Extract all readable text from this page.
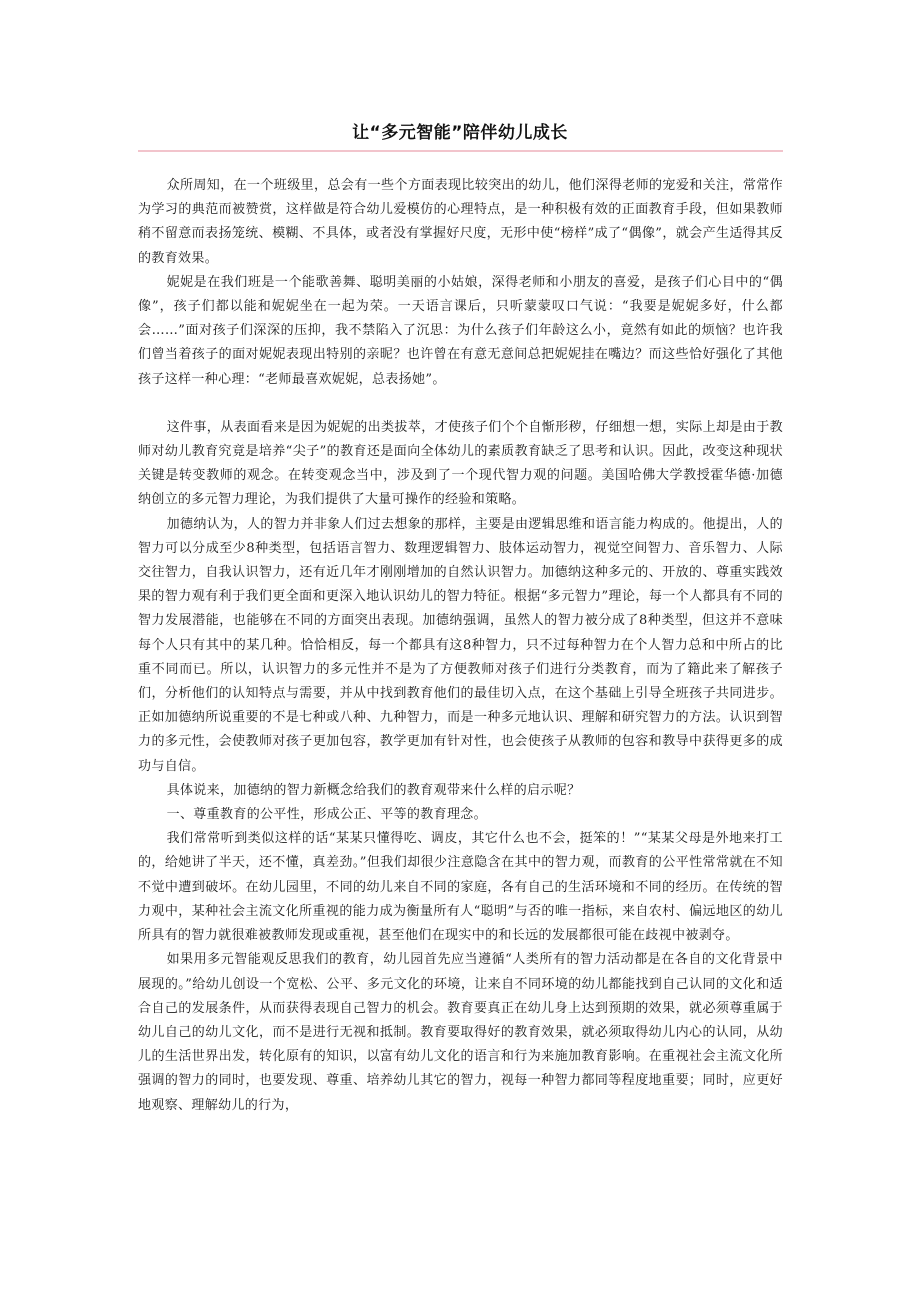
让“多元智能”陪伴幼儿成长

众所周知，在一个班级里，总会有一些个方面表现比较突出的幼儿，他们深得老师的宠爱和关注，常常作为学习的典范而被赞赏，这样做是符合幼儿爱模仿的心理特点，是一种积极有效的正面教育手段，但如果教师稍不留意而表扬笼统、模糊、不具体，或者没有掌握好尺度，无形中使“榜样”成了“偶像”，就会产生适得其反的教育效果。

妮妮是在我们班是一个能歌善舞、聪明美丽的小姑娘，深得老师和小朋友的喜爱，是孩子们心目中的“偶像”，孩子们都以能和妮妮坐在一起为荣。一天语言课后，只听蒙蒙叹口气说：“我要是妮妮多好，什么都会……”面对孩子们深深的压抑，我不禁陷入了沉思：为什么孩子们年龄这么小，竟然有如此的烦恼？也许我们曾当着孩子的面对妮妮表现出特别的亲昵？也许曾在有意无意间总把妮妮挂在嘴边？而这些恰好强化了其他孩子这样一种心理：“老师最喜欢妮妮，总表扬她”。

这件事，从表面看来是因为妮妮的出类拔萃，才使孩子们个个自惭形秽，仔细想一想，实际上却是由于教师对幼儿教育究竟是培养“尖子”的教育还是面向全体幼儿的素质教育缺乏了思考和认识。因此，改变这种现状关键是转变教师的观念。在转变观念当中，涉及到了一个现代智力观的问题。美国哈佛大学教授霍华德·加德纳创立的多元智力理论，为我们提供了大量可操作的经验和策略。

加德纳认为，人的智力并非象人们过去想象的那样，主要是由逻辑思维和语言能力构成的。他提出，人的智力可以分成至少8种类型，包括语言智力、数理逻辑智力、肢体运动智力，视觉空间智力、音乐智力、人际交往智力，自我认识智力，还有近几年才刚刚增加的自然认识智力。加德纳这种多元的、开放的、尊重实践效果的智力观有利于我们更全面和更深入地认识幼儿的智力特征。根据“多元智力”理论，每一个人都具有不同的智力发展潜能，也能够在不同的方面突出表现。加德纳强调，虽然人的智力被分成了8种类型，但这并不意味每个人只有其中的某几种。恰恰相反，每一个都具有这8种智力，只不过每种智力在个人智力总和中所占的比重不同而已。所以，认识智力的多元性并不是为了方便教师对孩子们进行分类教育，而为了籍此来了解孩子们，分析他们的认知特点与需要，并从中找到教育他们的最佳切入点，在这个基础上引导全班孩子共同进步。正如加德纳所说重要的不是七种或八种、九种智力，而是一种多元地认识、理解和研究智力的方法。认识到智力的多元性，会使教师对孩子更加包容，教学更加有针对性，也会使孩子从教师的包容和教导中获得更多的成功与自信。

具体说来，加德纳的智力新概念给我们的教育观带来什么样的启示呢？

一、尊重教育的公平性，形成公正、平等的教育理念。

我们常常听到类似这样的话“某某只懂得吃、调皮，其它什么也不会，挺笨的！”“某某父母是外地来打工的，给她讲了半天，还不懂，真差劲。”但我们却很少注意隐含在其中的智力观，而教育的公平性常常就在不知不觉中遭到破坏。在幼儿园里，不同的幼儿来自不同的家庭，各有自己的生活环境和不同的经历。在传统的智力观中，某种社会主流文化所重视的能力成为衡量所有人“聪明”与否的唯一指标，来自农村、偏远地区的幼儿所具有的智力就很难被教师发现或重视，甚至他们在现实中的和长远的发展都很可能在歧视中被剥夺。

如果用多元智能观反思我们的教育，幼儿园首先应当遵循“人类所有的智力活动都是在各自的文化背景中展现的。”给幼儿创设一个宽松、公平、多元文化的环境，让来自不同环境的幼儿都能找到自己认同的文化和适合自己的发展条件，从而获得表现自己智力的机会。教育要真正在幼儿身上达到预期的效果，就必须尊重属于幼儿自己的幼儿文化，而不是进行无视和抵制。教育要取得好的教育效果，就必须取得幼儿内心的认同，从幼儿的生活世界出发，转化原有的知识，以富有幼儿文化的语言和行为来施加教育影响。在重视社会主流文化所强调的智力的同时，也要发现、尊重、培养幼儿其它的智力，视每一种智力都同等程度地重要；同时，应更好地观察、理解幼儿的行为，
